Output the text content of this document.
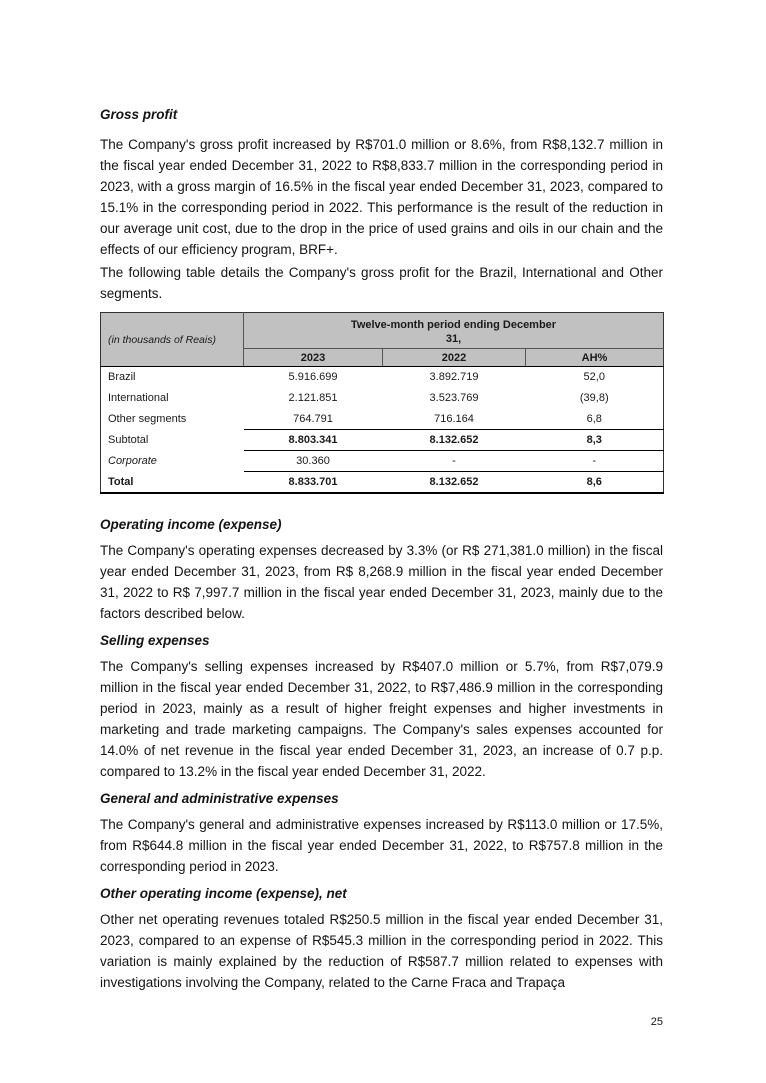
Gross profit

The Company's gross profit increased by R$701.0 million or 8.6%, from R$8,132.7 million in the fiscal year ended December 31, 2022 to R$8,833.7 million in the corresponding period in 2023, with a gross margin of 16.5% in the fiscal year ended December 31, 2023, compared to 15.1% in the corresponding period in 2022. This performance is the result of the reduction in our average unit cost, due to the drop in the price of used grains and oils in our chain and the effects of our efficiency program, BRF+.

The following table details the Company's gross profit for the Brazil, International and Other segments.

(in thousands of Reais)	Twelve-month period ending December
31,		

	2023	2022	AH%
Brazil	5.916.699	3.892.719	52,0
International	2.121.851	3.523.769	(39,8)
Other segments	764.791	716.164	6,8
Subtotal	8.803.341	8.132.652	8,3
Corporate	30.360	-	-
Total	8.833.701	8.132.652	8,6
Operating income (expense)

The Company's operating expenses decreased by 3.3% (or R$ 271,381.0 million) in the fiscal year ended December 31, 2023, from R$ 8,268.9 million in the fiscal year ended December 31, 2022 to R$ 7,997.7 million in the fiscal year ended December 31, 2023, mainly due to the factors described below.

Selling expenses

The Company's selling expenses increased by R$407.0 million or 5.7%, from R$7,079.9 million in the fiscal year ended December 31, 2022, to R$7,486.9 million in the corresponding period in 2023, mainly as a result of higher freight expenses and higher investments in marketing and trade marketing campaigns. The Company's sales expenses accounted for 14.0% of net revenue in the fiscal year ended December 31, 2023, an increase of 0.7 p.p. compared to 13.2% in the fiscal year ended December 31, 2022.

General and administrative expenses

The Company's general and administrative expenses increased by R$113.0 million or 17.5%, from R$644.8 million in the fiscal year ended December 31, 2022, to R$757.8 million in the corresponding period in 2023.

Other operating income (expense), net

Other net operating revenues totaled R$250.5 million in the fiscal year ended December 31, 2023, compared to an expense of R$545.3 million in the corresponding period in 2022. This variation is mainly explained by the reduction of R$587.7 million related to expenses with investigations involving the Company, related to the Carne Fraca and Trapaça

25
